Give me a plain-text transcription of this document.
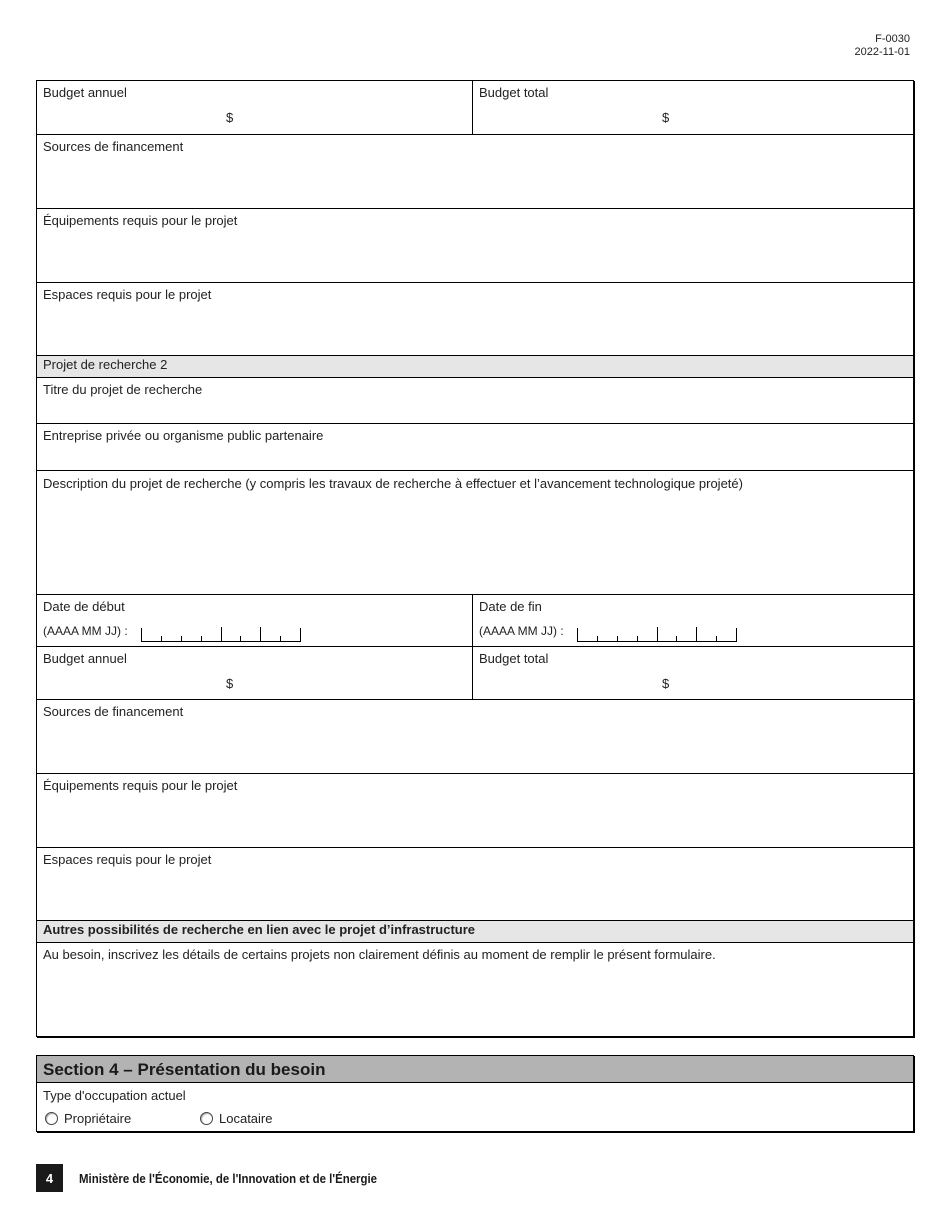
F-0030
2022-11-01
Budget annuel
$
Budget total
$
Sources de financement
Équipements requis pour le projet
Espaces requis pour le projet
Projet de recherche 2
Titre du projet de recherche
Entreprise privée ou organisme public partenaire
Description du projet de recherche (y compris les travaux de recherche à effectuer et l’avancement technologique projeté)
Date de début
(AAAA MM JJ) :
Date de fin
(AAAA MM JJ) :
Budget annuel
$
Budget total
$
Sources de financement
Équipements requis pour le projet
Espaces requis pour le projet
Autres possibilités de recherche en lien avec le projet d’infrastructure
Au besoin, inscrivez les détails de certains projets non clairement définis au moment de remplir le présent formulaire.
Section 4 – Présentation du besoin
Type d'occupation actuel
Propriétaire	Locataire
4	Ministère de l'Économie, de l'Innovation et de l'Énergie
